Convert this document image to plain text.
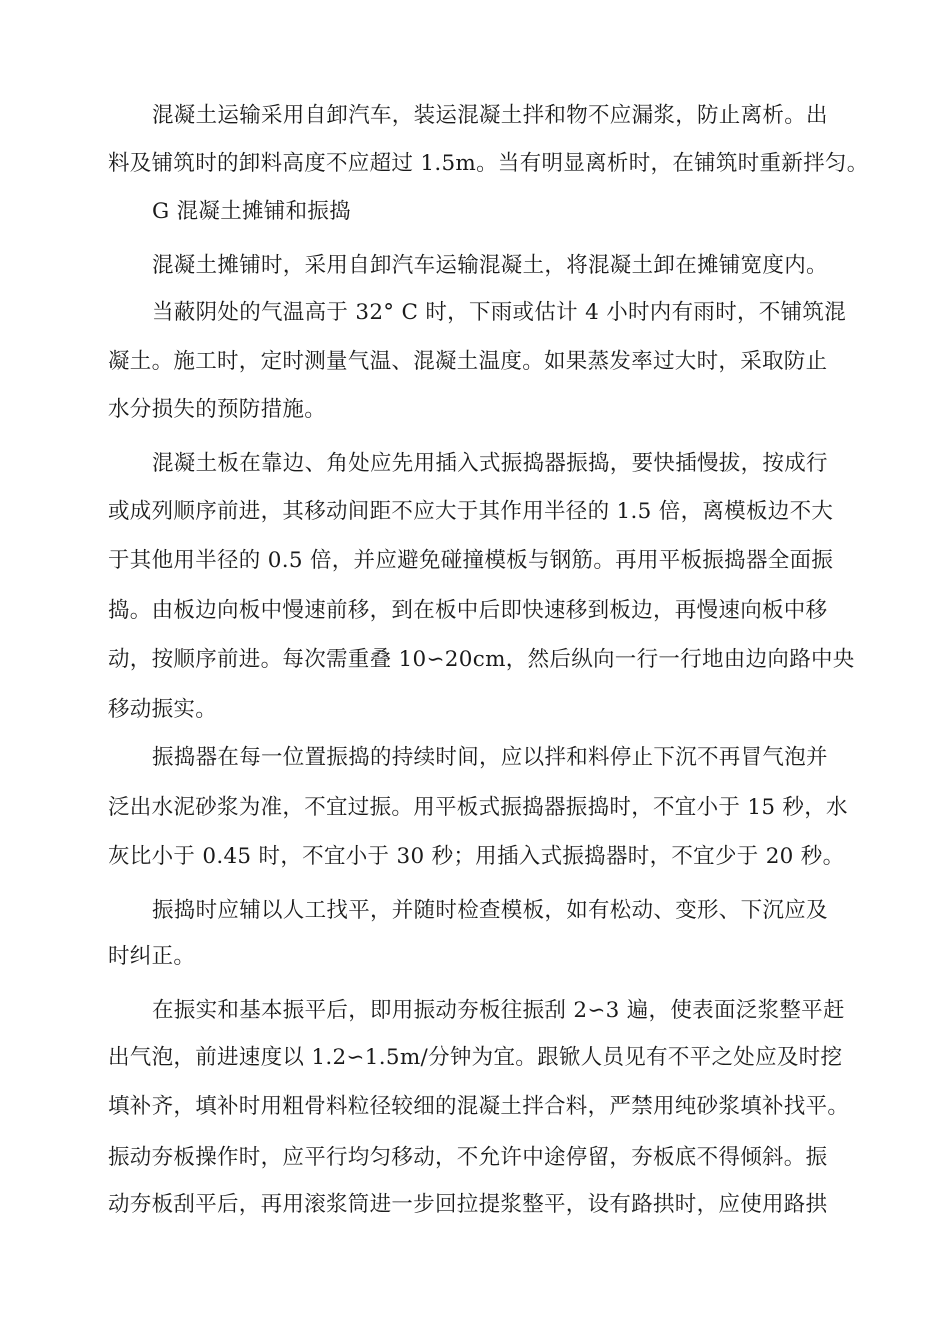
混凝土运输采用自卸汽车，装运混凝土拌和物不应漏浆，防止离析。出
料及铺筑时的卸料高度不应超过 1.5m。当有明显离析时，在铺筑时重新拌匀。
G 混凝土摊铺和振捣
混凝土摊铺时，采用自卸汽车运输混凝土，将混凝土卸在摊铺宽度内。
当蔽阴处的气温高于 32° C 时，下雨或估计 4 小时内有雨时，不铺筑混
凝土。施工时，定时测量气温、混凝土温度。如果蒸发率过大时，采取防止
水分损失的预防措施。
混凝土板在靠边、角处应先用插入式振捣器振捣，要快插慢拔，按成行
或成列顺序前进，其移动间距不应大于其作用半径的 1.5 倍，离模板边不大
于其他用半径的 0.5 倍，并应避免碰撞模板与钢筋。再用平板振捣器全面振
捣。由板边向板中慢速前移，到在板中后即快速移到板边，再慢速向板中移
动，按顺序前进。每次需重叠 10∽20cm，然后纵向一行一行地由边向路中央
移动振实。
振捣器在每一位置振捣的持续时间，应以拌和料停止下沉不再冒气泡并
泛出水泥砂浆为准，不宜过振。用平板式振捣器振捣时，不宜小于 15 秒，水
灰比小于 0.45 时，不宜小于 30 秒；用插入式振捣器时，不宜少于 20 秒。
振捣时应辅以人工找平，并随时检查模板，如有松动、变形、下沉应及
时纠正。
在振实和基本振平后，即用振动夯板往振刮 2∽3 遍，使表面泛浆整平赶
出气泡，前进速度以 1.2∽1.5m/分钟为宜。跟锨人员见有不平之处应及时挖
填补齐，填补时用粗骨料粒径较细的混凝土拌合料，严禁用纯砂浆填补找平。
振动夯板操作时，应平行均匀移动，不允许中途停留，夯板底不得倾斜。振
动夯板刮平后，再用滚浆筒进一步回拉提浆整平，设有路拱时，应使用路拱
